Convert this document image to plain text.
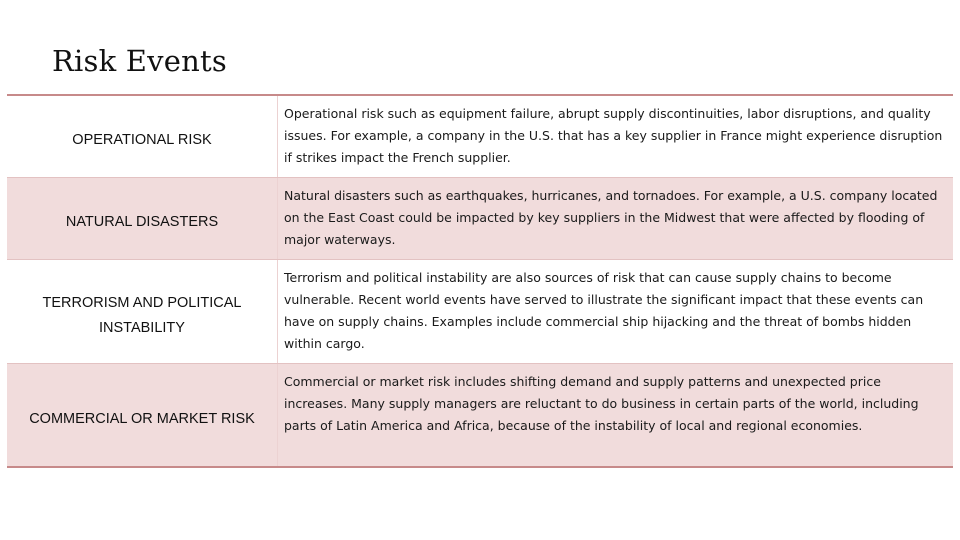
Risk Events
OPERATIONAL RISK
Operational risk such as equipment failure, abrupt supply discontinuities, labor disruptions, and quality issues. For example, a company in the U.S. that has a key supplier in France might experience disruption if strikes impact the French supplier.
NATURAL DISASTERS
Natural disasters such as earthquakes, hurricanes, and tornadoes. For example, a U.S. company located on the East Coast could be impacted by key suppliers in the Midwest that were affected by flooding of major waterways.
TERRORISM AND POLITICAL INSTABILITY
Terrorism and political instability are also sources of risk that can cause supply chains to become vulnerable. Recent world events have served to illustrate the significant impact that these events can have on supply chains. Examples include commercial ship hijacking and the threat of bombs hidden within cargo.
COMMERCIAL OR MARKET RISK
Commercial or market risk includes shifting demand and supply patterns and unexpected price increases. Many supply managers are reluctant to do business in certain parts of the world, including parts of Latin America and Africa, because of the instability of local and regional economies.
